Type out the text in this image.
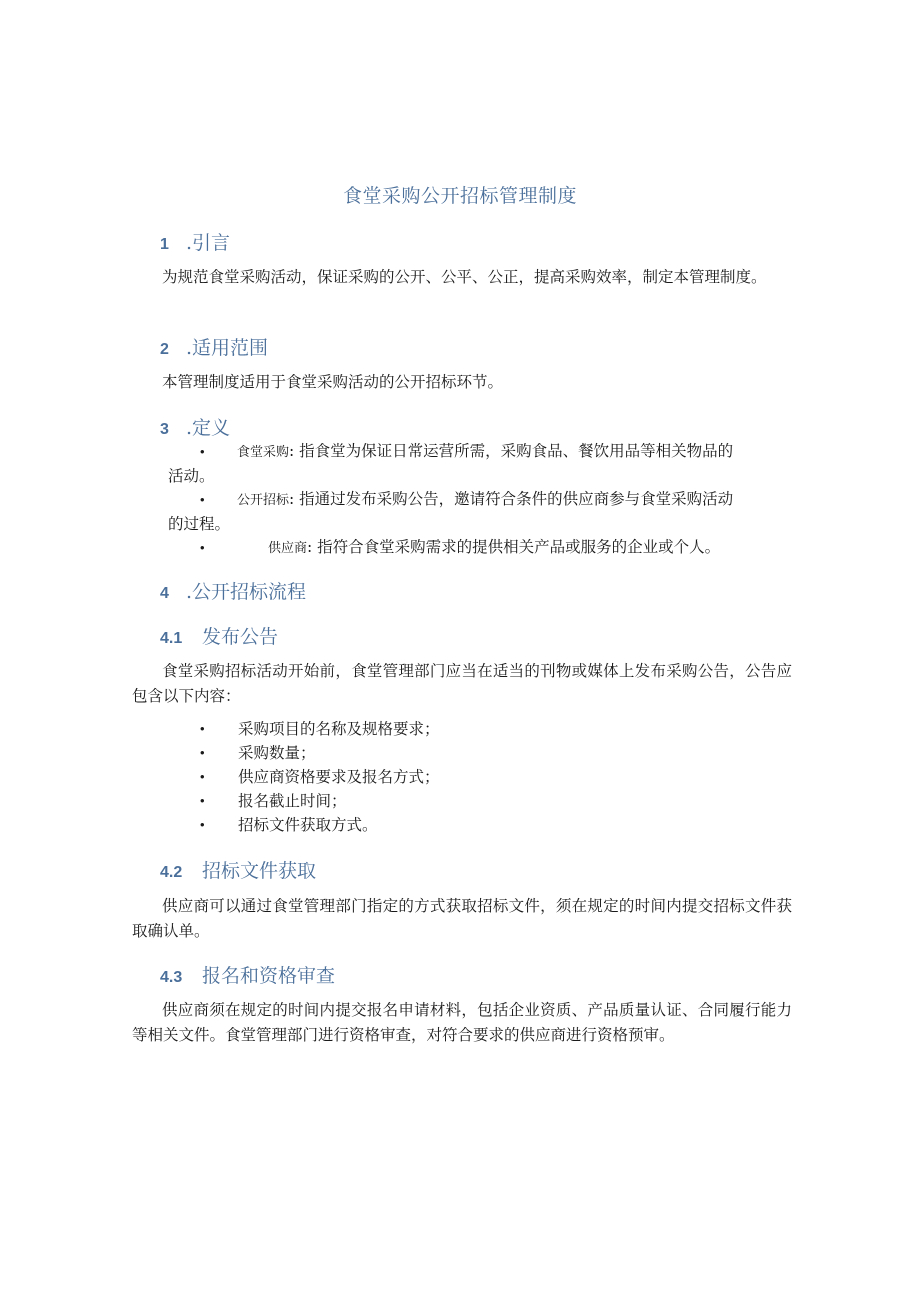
食堂采购公开招标管理制度
1 .引言

为规范食堂采购活动，保证采购的公开、公平、公正，提高采购效率，制定本管理制度。

2 .适用范围

本管理制度适用于食堂采购活动的公开招标环节。

3 .定义

• 食堂采购: 指食堂为保证日常运营所需，采购食品、餐饮用品等相关物品的
活动。

• 公开招标: 指通过发布采购公告，邀请符合条件的供应商参与食堂采购活动
的过程。

•	供应商: 指符合食堂采购需求的提供相关产品或服务的企业或个人。

4 .公开招标流程
4.1 发布公告

食堂采购招标活动开始前，食堂管理部门应当在适当的刊物或媒体上发布采购公告，公告应包含以下内容：

• 采购项目的名称及规格要求；
• 采购数量；
• 供应商资格要求及报名方式；
• 报名截止时间；
• 招标文件获取方式。
4.2 招标文件获取

供应商可以通过食堂管理部门指定的方式获取招标文件，须在规定的时间内提交招标文件获取确认单。

4.3 报名和资格审查

供应商须在规定的时间内提交报名申请材料，包括企业资质、产品质量认证、合同履行能力等相关文件。食堂管理部门进行资格审查，对符合要求的供应商进行资格预审。
